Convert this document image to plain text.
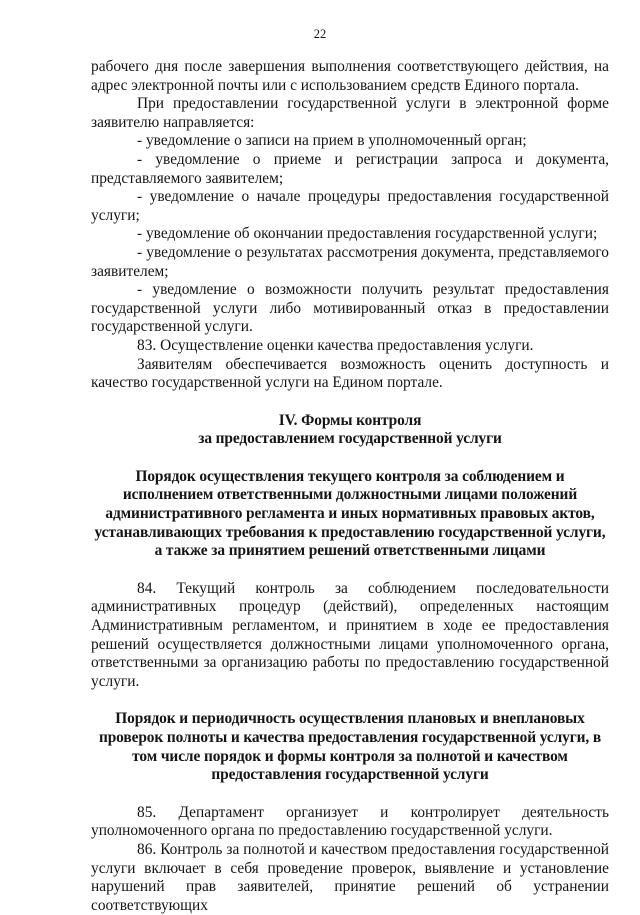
22

рабочего дня после завершения выполнения соответствующего действия, на адрес электронной почты или с использованием средств Единого портала.

При предоставлении государственной услуги в электронной форме заявителю направляется:

- уведомление о записи на прием в уполномоченный орган;

- уведомление о приеме и регистрации запроса и документа, представляемого заявителем;

- уведомление о начале процедуры предоставления государственной услуги;

- уведомление об окончании предоставления государственной услуги;

- уведомление о результатах рассмотрения документа, представляемого заявителем;

- уведомление о возможности получить результат предоставления государственной услуги либо мотивированный отказ в предоставлении государственной услуги.

83. Осуществление оценки качества предоставления услуги.

Заявителям обеспечивается возможность оценить доступность и качество государственной услуги на Едином портале.

IV. Формы контроля
за предоставлением государственной услуги

Порядок осуществления текущего контроля за соблюдением и исполнением ответственными должностными лицами положений административного регламента и иных нормативных правовых актов, устанавливающих требования к предоставлению государственной услуги, а также за принятием решений ответственными лицами

84. Текущий контроль за соблюдением последовательности административных процедур (действий), определенных настоящим Административным регламентом, и принятием в ходе ее предоставления решений осуществляется должностными лицами уполномоченного органа, ответственными за организацию работы по предоставлению государственной услуги.

Порядок и периодичность осуществления плановых и внеплановых проверок полноты и качества предоставления государственной услуги, в том числе порядок и формы контроля за полнотой и качеством предоставления государственной услуги

85. Департамент организует и контролирует деятельность уполномоченного органа по предоставлению государственной услуги.

86. Контроль за полнотой и качеством предоставления государственной услуги включает в себя проведение проверок, выявление и установление нарушений прав заявителей, принятие решений об устранении соответствующих
